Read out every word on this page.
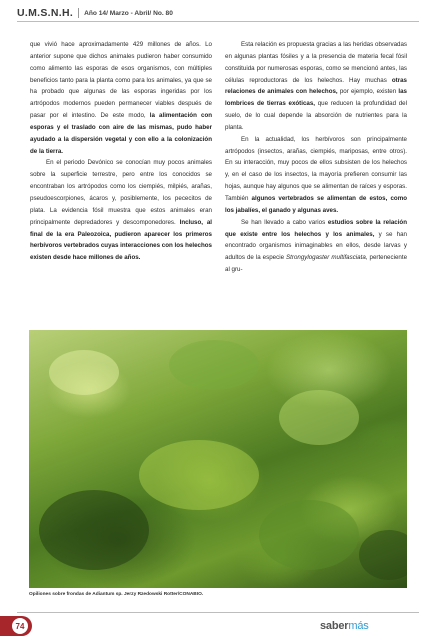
U.M.S.N.H. Año 14/ Marzo - Abril/ No. 80

que vivió hace aproximadamente 429 millones de años. Lo anterior supone que dichos animales pudieron haber consumido como alimento las esporas de esos organismos, con múltiples beneficios tanto para la planta como para los animales, ya que se ha probado que algunas de las esporas ingeridas por los artrópodos modernos pueden permanecer viables después de pasar por el intestino. De este modo, la alimentación con esporas y el traslado con aire de las mismas, pudo haber ayudado a la dispersión vegetal y con ello a la colonización de la tierra.

En el periodo Devónico se conocían muy pocos animales sobre la superficie terrestre, pero entre los conocidos se encontraban los artrópodos como los ciempiés, milpiés, arañas, pseudoescorpiones, ácaros y, posiblemente, los pececitos de plata. La evidencia fósil muestra que estos animales eran principalmente depredadores y descomponedores. Incluso, al final de la era Paleozoica, pudieron aparecer los primeros herbívoros vertebrados cuyas interacciones con los helechos existen desde hace millones de años.

Esta relación es propuesta gracias a las heridas observadas en algunas plantas fósiles y a la presencia de materia fecal fósil constituida por numerosas esporas, como se mencionó antes, las células reproductoras de los helechos. Hay muchas otras relaciones de animales con helechos, por ejemplo, existen las lombrices de tierras exóticas, que reducen la profundidad del suelo, de lo cual depende la absorción de nutrientes para la planta.

En la actualidad, los herbívoros son principalmente artrópodos (insectos, arañas, ciempiés, mariposas, entre otros). En su interacción, muy pocos de ellos subsisten de los helechos y, en el caso de los insectos, la mayoría prefieren consumir las hojas, aunque hay algunos que se alimentan de raíces y esporas. También algunos vertebrados se alimentan de estos, como los jabalíes, el ganado y algunas aves.

Se han llevado a cabo varios estudios sobre la relación que existe entre los helechos y los animales, y se han encontrado organismos inimaginables en ellos, desde larvas y adultos de la especie Strongylogaster multifasciata, perteneciente al gru-

Opiliones sobre frondas de Adiantum sp. Jerzy Rzedowski Rotter/CONABIO.
74	sabermás
